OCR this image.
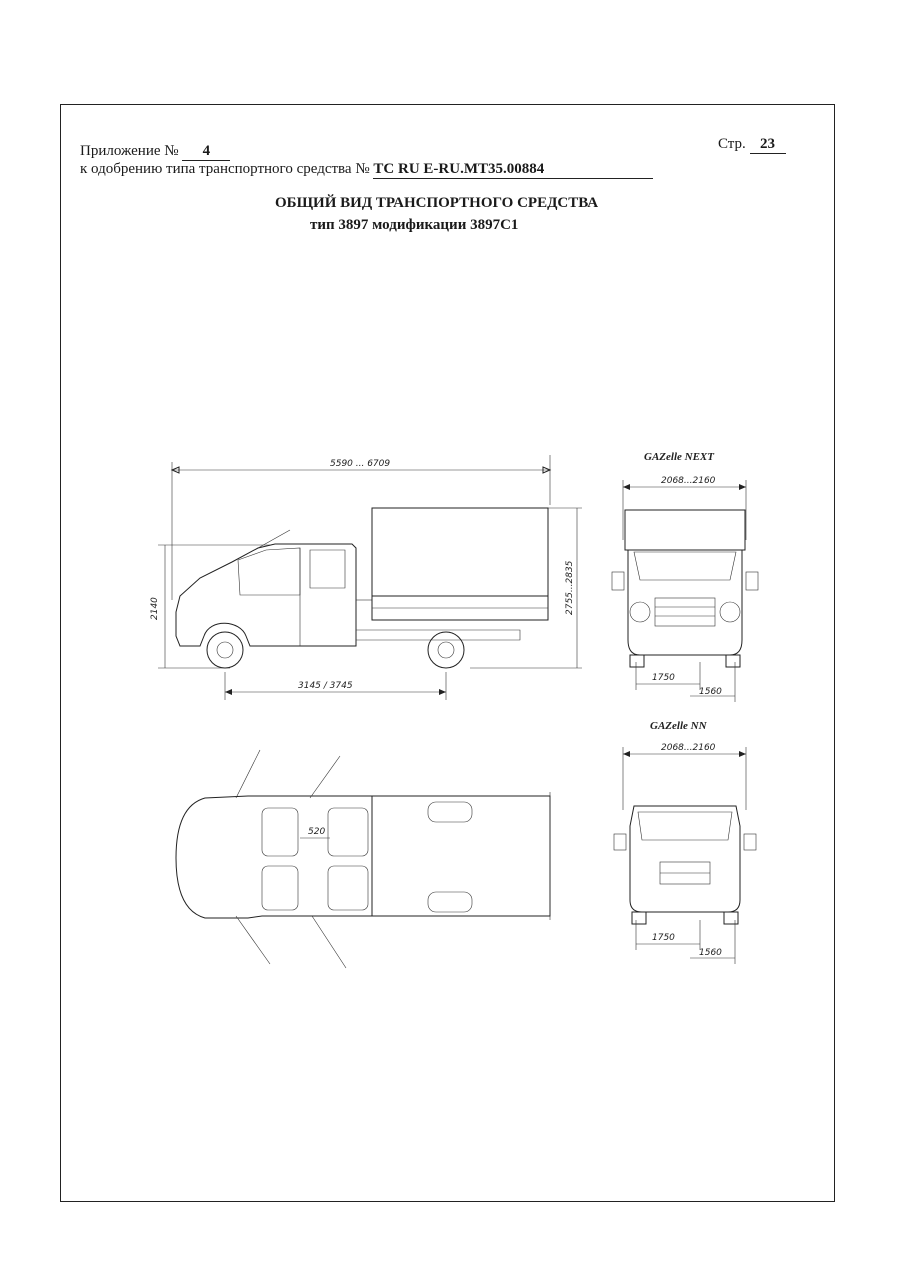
Приложение № 4	Стр. 23
к одобрению типа транспортного средства № ТС RU E-RU.МТ35.00884
ОБЩИЙ ВИД ТРАНСПОРТНОГО СРЕДСТВА
тип 3897 модификации 3897С1
5590 ... 6709
2140	2755...2835
3145 / 3745
GAZelle NEXT
2068...2160
1750
1560
520
GAZelle NN
2068...2160
1750
1560
